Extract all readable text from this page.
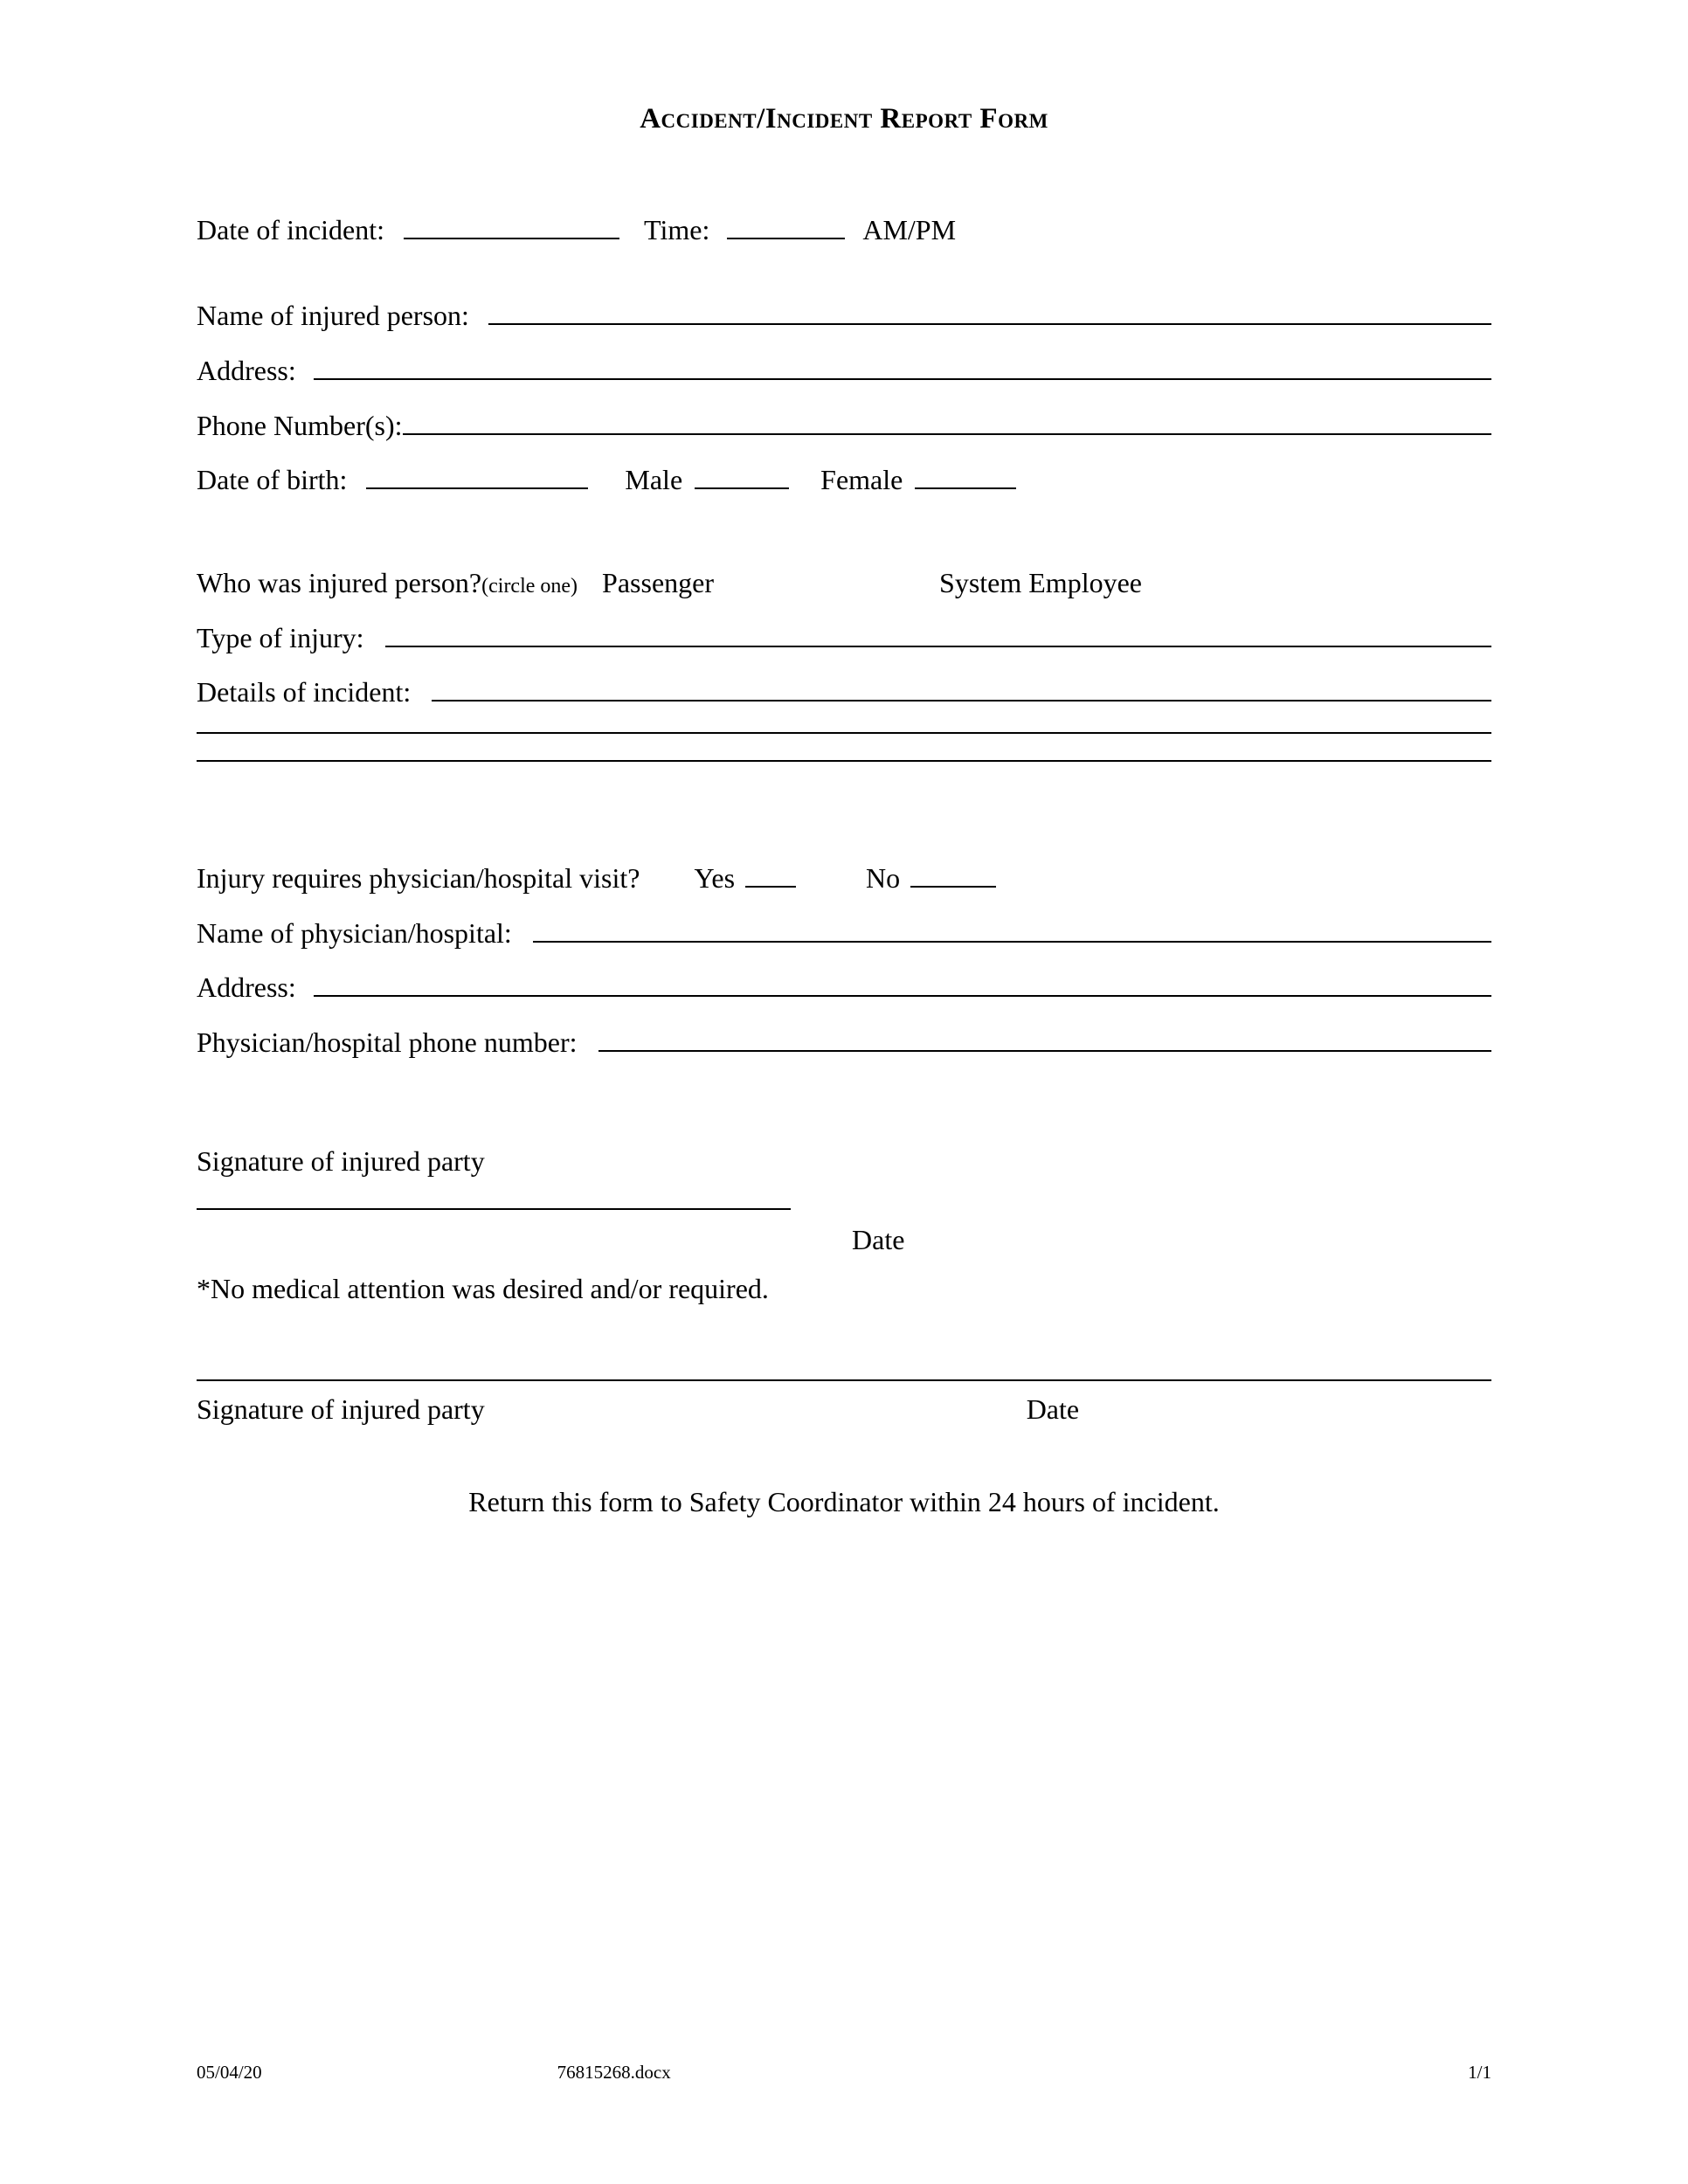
Accident/Incident Report Form
Date of incident:	Time:	AM/PM
Name of injured person:
Address:
Phone Number(s):
Date of birth:	Male	Female
Who was injured person? (circle one) Passenger	System Employee
Type of injury:
Details of incident:
Injury requires physician/hospital visit? Yes	No
Name of physician/hospital:
Address:
Physician/hospital phone number:
Signature of injured party
Date
*No medical attention was desired and/or required.
Signature of injured party	Date
Return this form to Safety Coordinator within 24 hours of incident.
05/04/20	76815268.docx	1/1
